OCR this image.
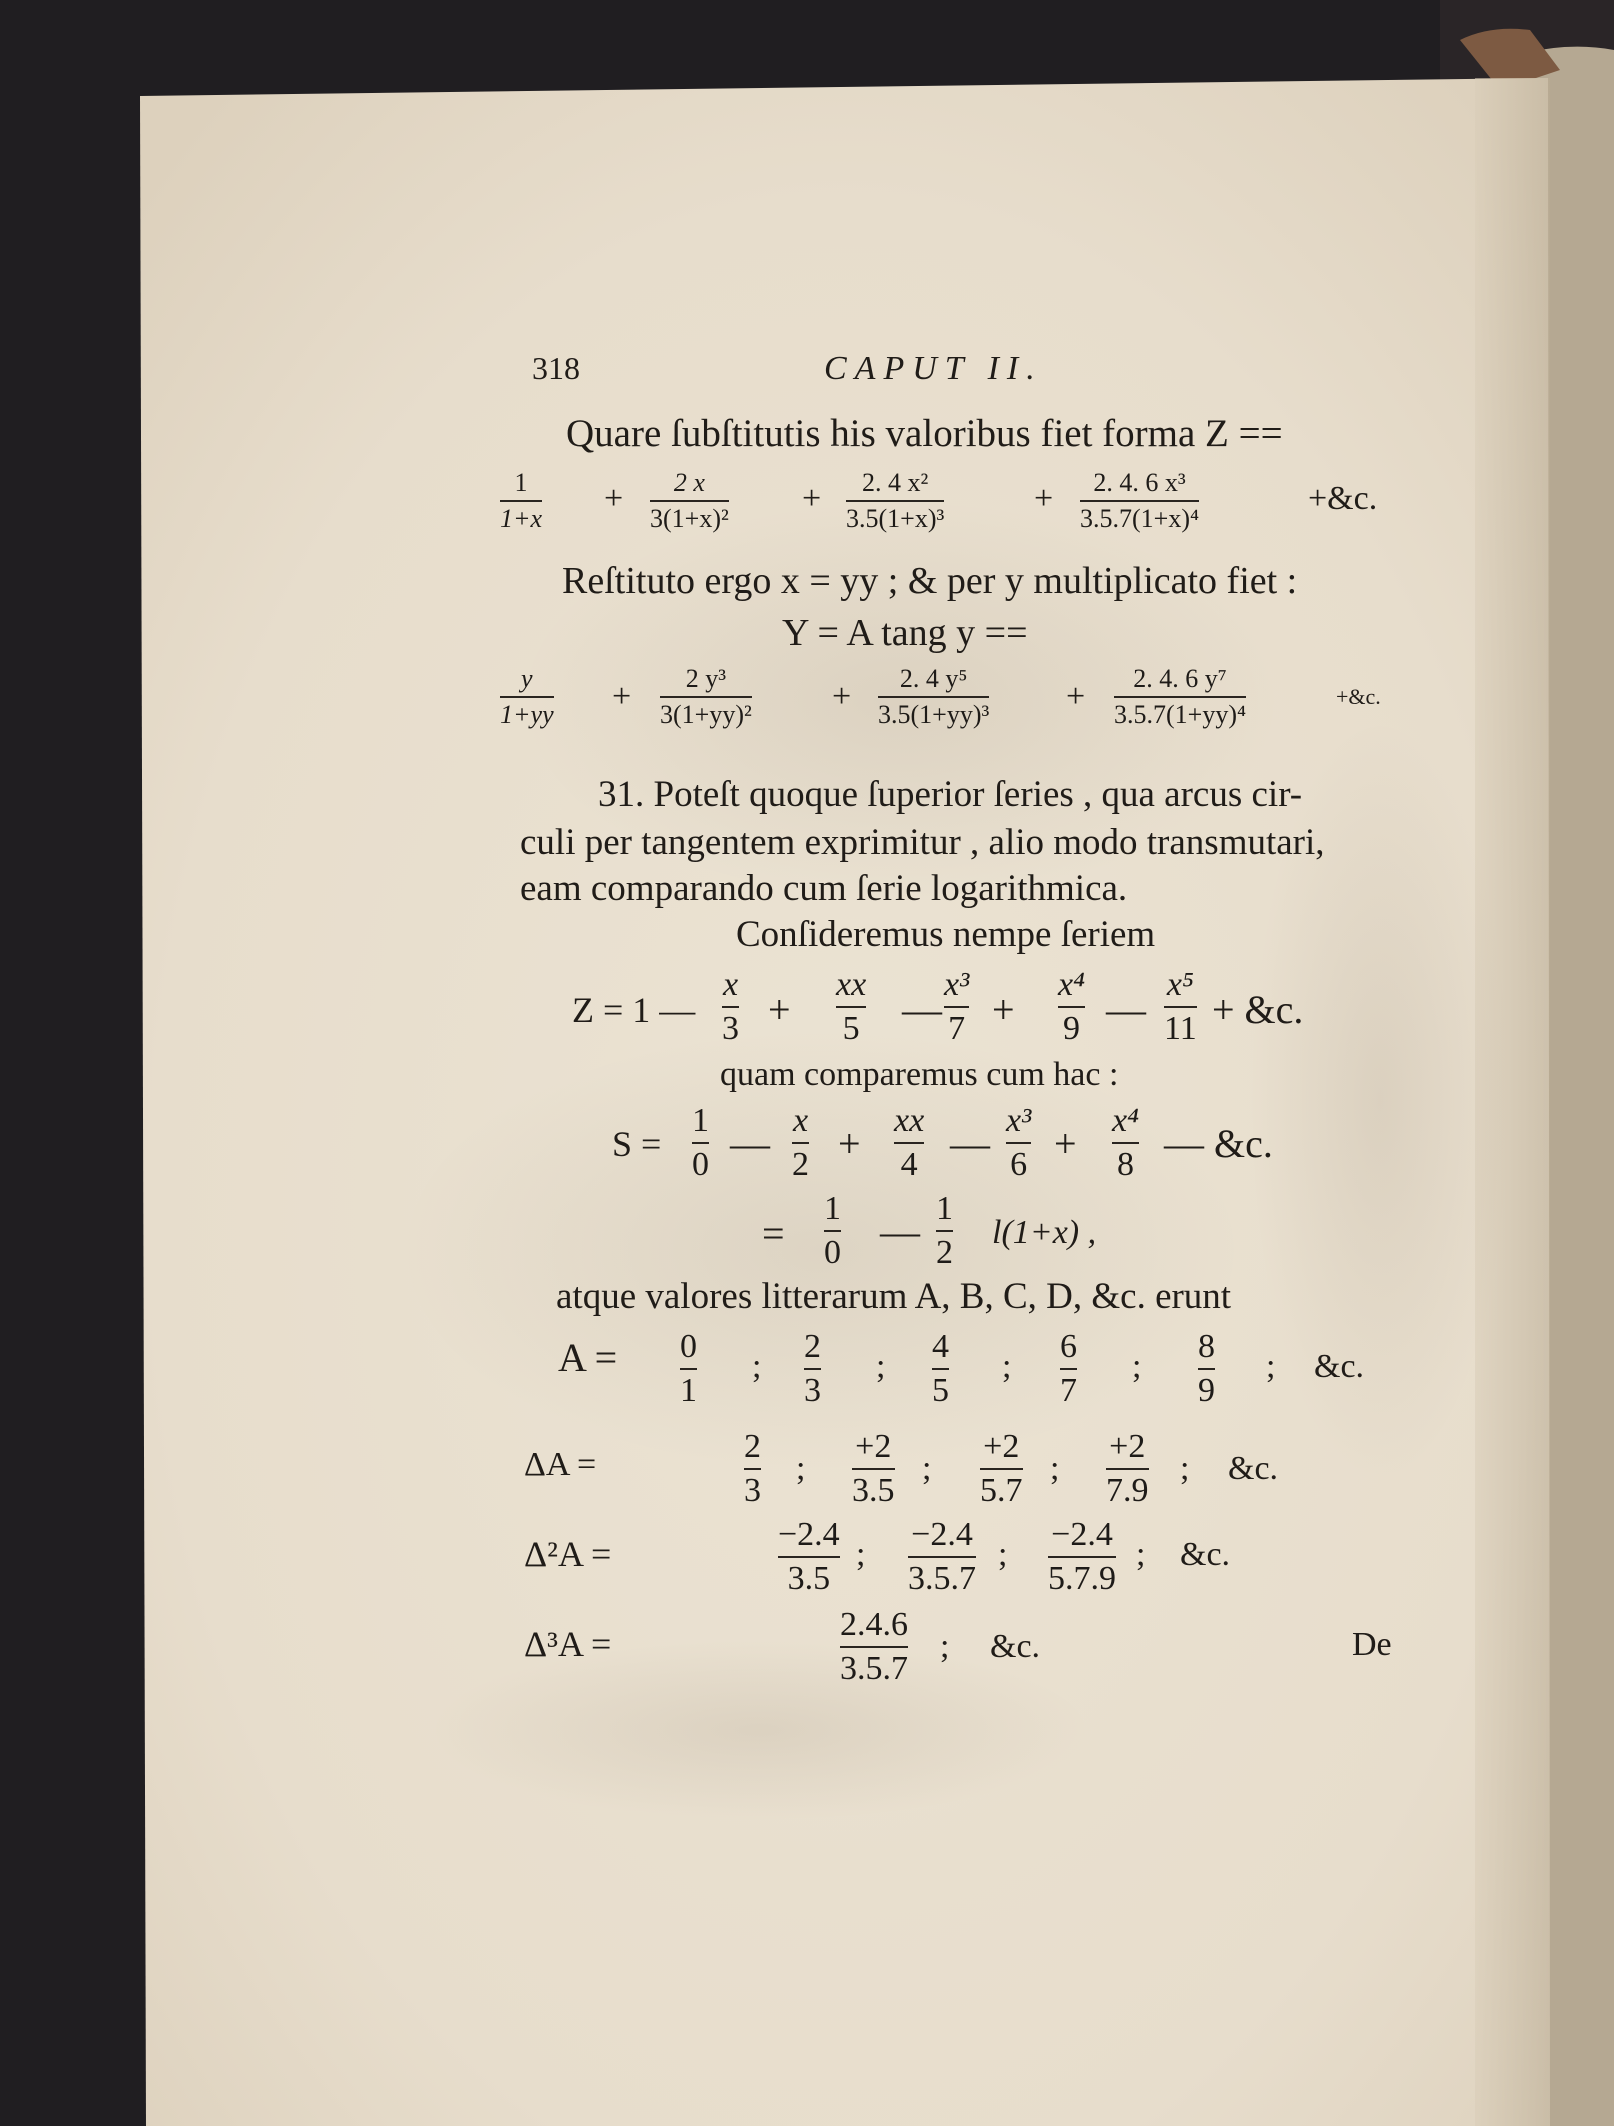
318	CAPUT II.
Quare ſubſtitutis his valoribus fiet forma Z ==
1
1+x
+ 2 x
3(1+x)²
+ 2. 4 x²
3.5(1+x)³
+ 2. 4. 6 x³
3.5.7(1+x)⁴
+&c.
Reſtituto ergo x = yy ; & per y multiplicato fiet :
Y = A tang y ==
y
1+yy + 2 y³
3(1+yy)² + 2. 4 y⁵
3.5(1+yy)³ + 2. 4. 6 y⁷
3.5.7(1+yy)⁴
+&c.
31. Poteſt quoque ſuperior ſeries , qua arcus cir-
culi per tangentem exprimitur , alio modo transmutari,
eam comparando cum ſerie logarithmica.
Conſideremus nempe ſeriem
Z = 1 —
x
3 +
xx
5 —
x³
7 +
x⁴
9 —
x⁵
11 + &c.
quam comparemus cum hac :
S =
1
0 —
x
2 +
xx
4 —
x³
6 +
x⁴
8 — &c.
=
1
0 —
1
2
l(1+x) ,
atque valores litterarum A, B, C, D, &c. erunt
A = 0
1
;
2
3
;
4
5
;
6
7
;
8
9
; &c.
ΔA =	2
3
;
+2
3.5
;
+2
5.7
;
+2
7.9
; &c.
Δ²A =	−2.4
3.5
;
−2.4
3.5.7
;
−2.4
5.7.9
; &c.
Δ³A =	2.4.6
3.5.7
; &c.	De
